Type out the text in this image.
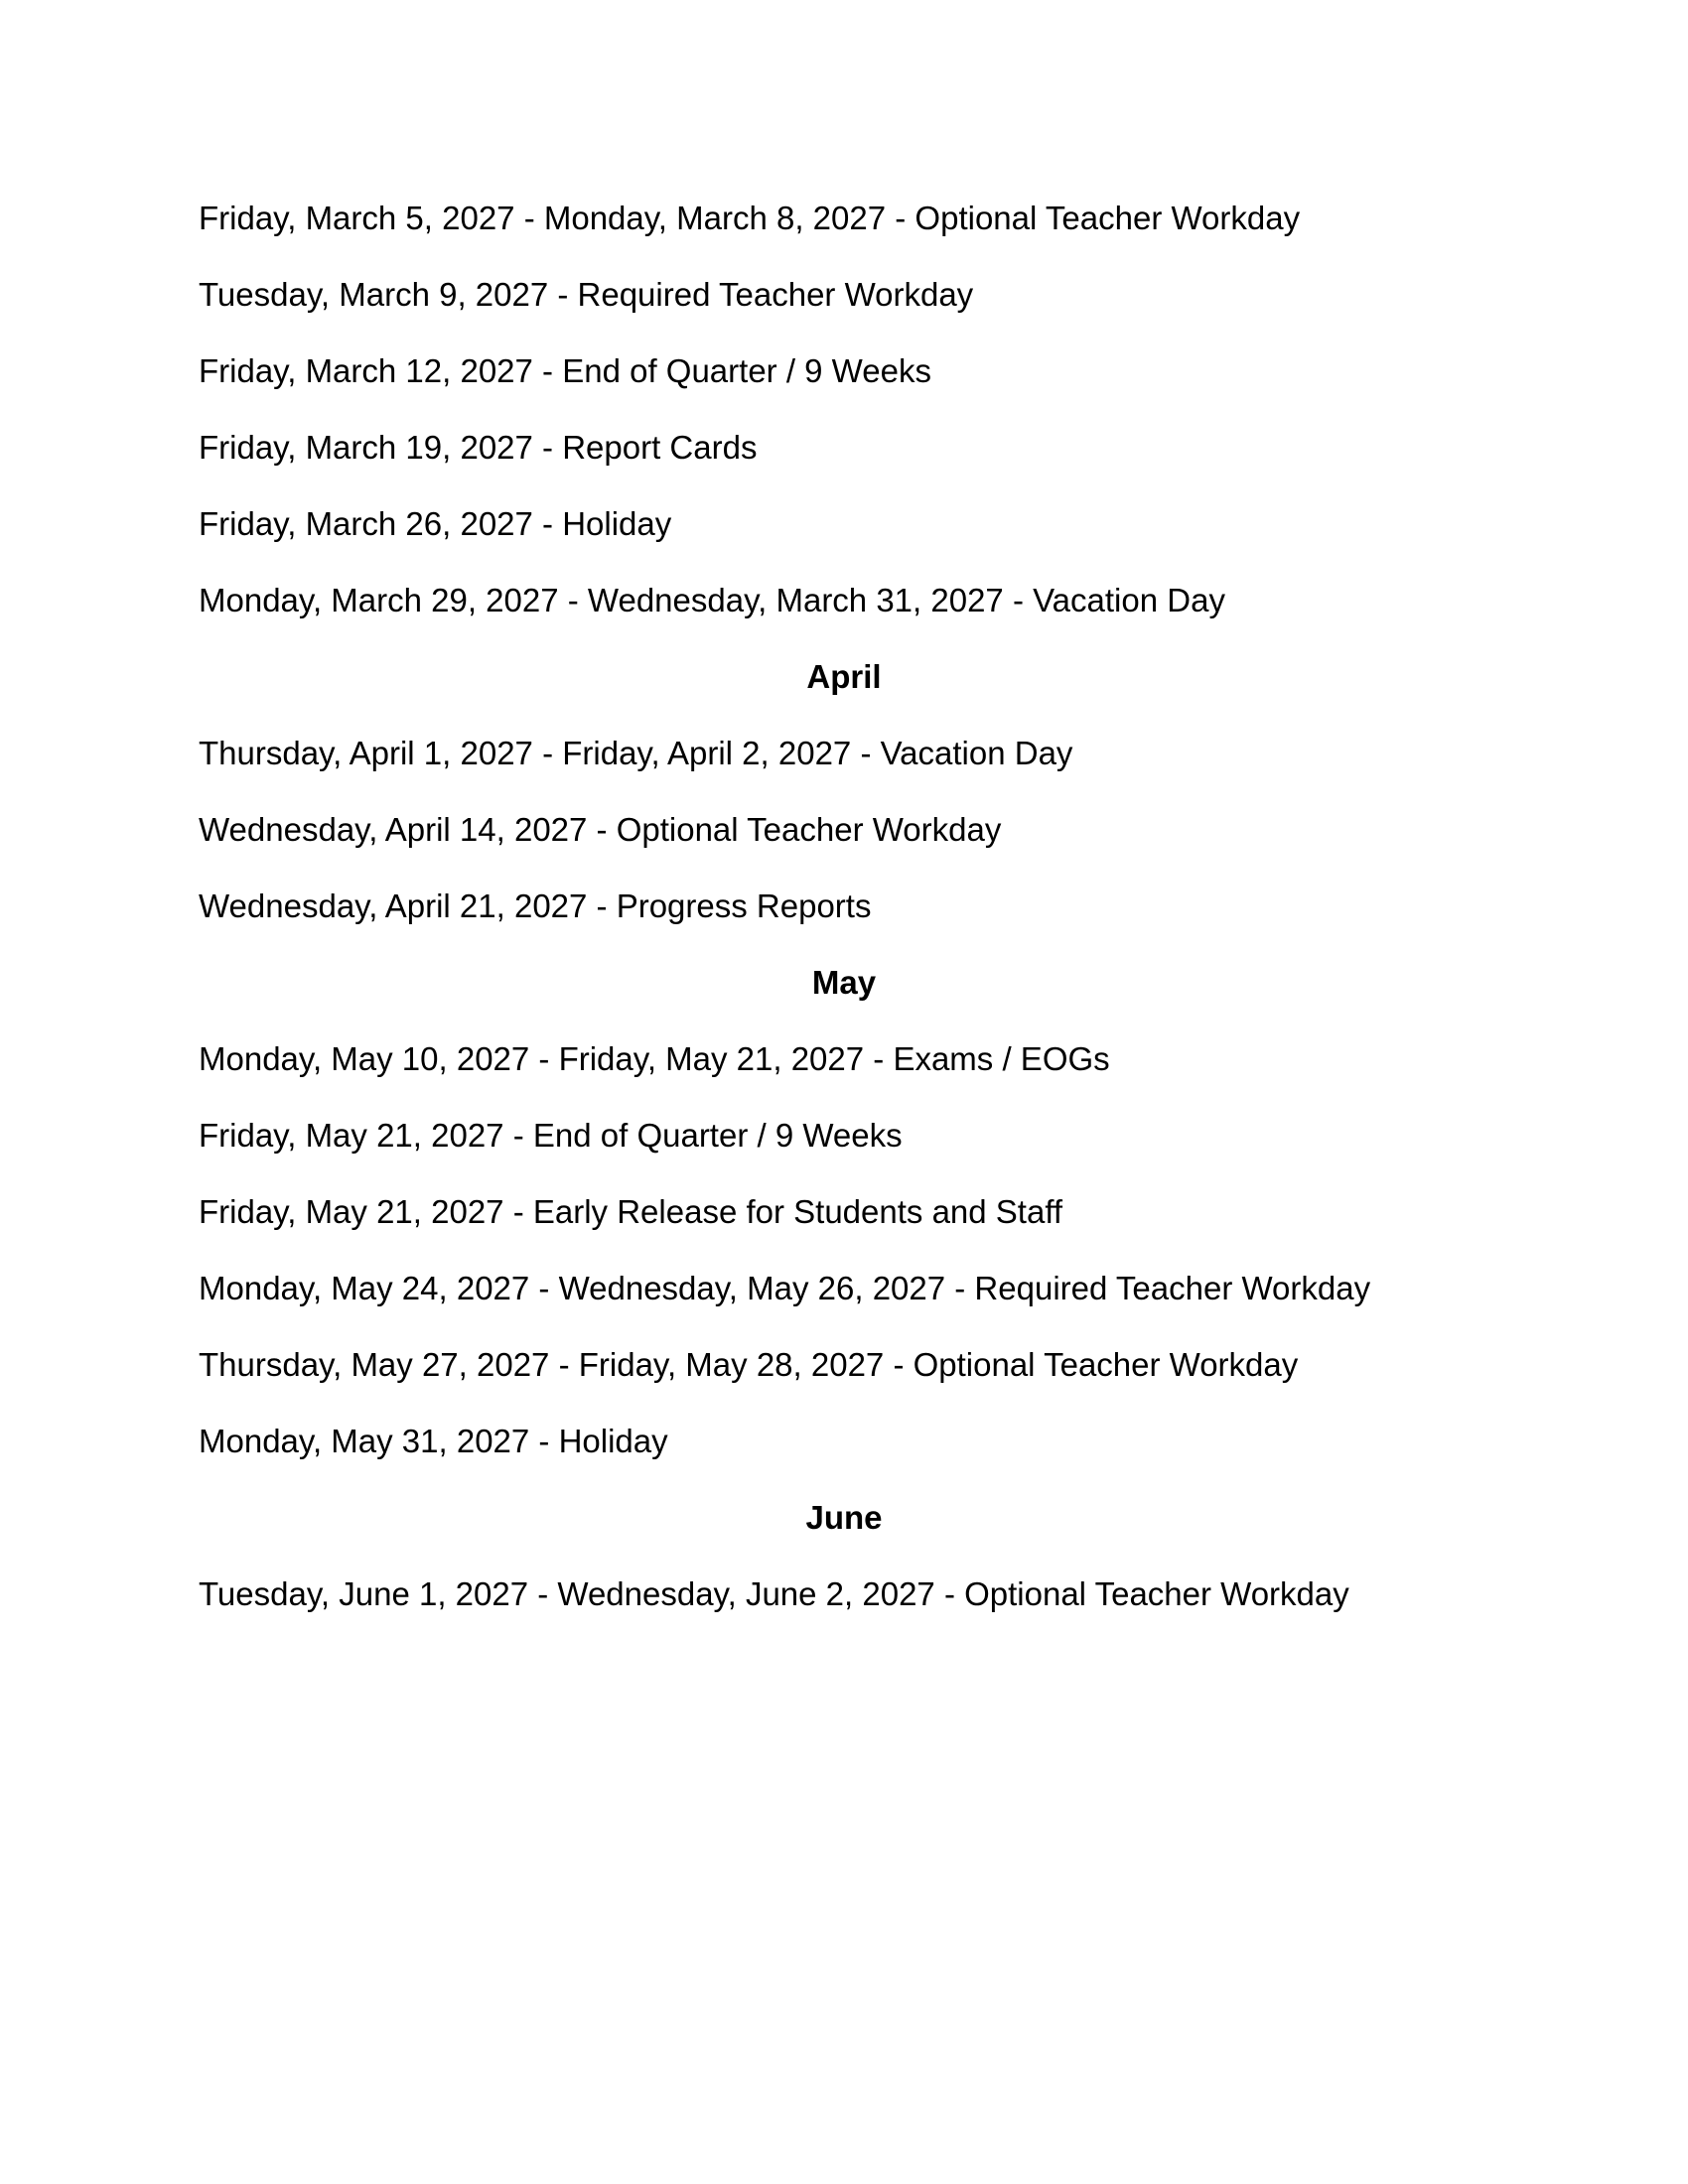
Friday, March 5, 2027 - Monday, March 8, 2027 - Optional Teacher Workday
Tuesday, March 9, 2027 - Required Teacher Workday
Friday, March 12, 2027 - End of Quarter / 9 Weeks
Friday, March 19, 2027 - Report Cards
Friday, March 26, 2027 - Holiday
Monday, March 29, 2027 - Wednesday, March 31, 2027 - Vacation Day
April
Thursday, April 1, 2027 - Friday, April 2, 2027 - Vacation Day
Wednesday, April 14, 2027 - Optional Teacher Workday
Wednesday, April 21, 2027 - Progress Reports
May
Monday, May 10, 2027 - Friday, May 21, 2027 - Exams / EOGs
Friday, May 21, 2027 - End of Quarter / 9 Weeks
Friday, May 21, 2027 - Early Release for Students and Staff
Monday, May 24, 2027 - Wednesday, May 26, 2027 - Required Teacher Workday
Thursday, May 27, 2027 - Friday, May 28, 2027 - Optional Teacher Workday
Monday, May 31, 2027 - Holiday
June
Tuesday, June 1, 2027 - Wednesday, June 2, 2027 - Optional Teacher Workday
